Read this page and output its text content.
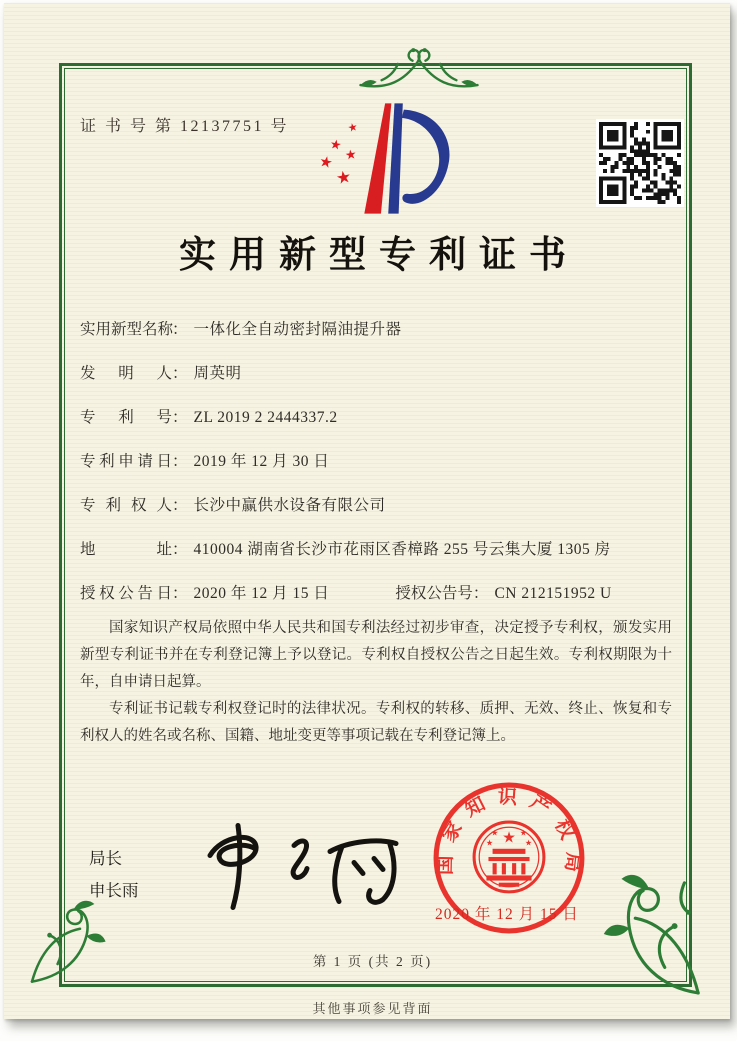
证 书 号 第 12137751 号	★
★
★
★
★
实用新型专利证书
实用新型名称： 一体化全自动密封隔油提升器
发明人： 周英明
专利号： ZL 2019 2 2444337.2
专利申请日： 2019 年 12 月 30 日
专利权人： 长沙中赢供水设备有限公司
地址： 410004 湖南省长沙市花雨区香樟路 255 号云集大厦 1305 房
授权公告日： 2020 年 12 月 15 日	授权公告号： CN 212151952 U

国家知识产权局依照中华人民共和国专利法经过初步审查，决定授予专利权，颁发实用新型专利证书并在专利登记簿上予以登记。专利权自授权公告之日起生效。专利权期限为十年，自申请日起算。

专利证书记载专利权登记时的法律状况。专利权的转移、质押、无效、终止、恢复和专利权人的姓名或名称、国籍、地址变更等事项记载在专利登记簿上。

局长
申长雨
国家知识产权局
★
★	★
★	★
2020 年 12 月 15 日
第 1 页 (共 2 页)
其他事项参见背面
